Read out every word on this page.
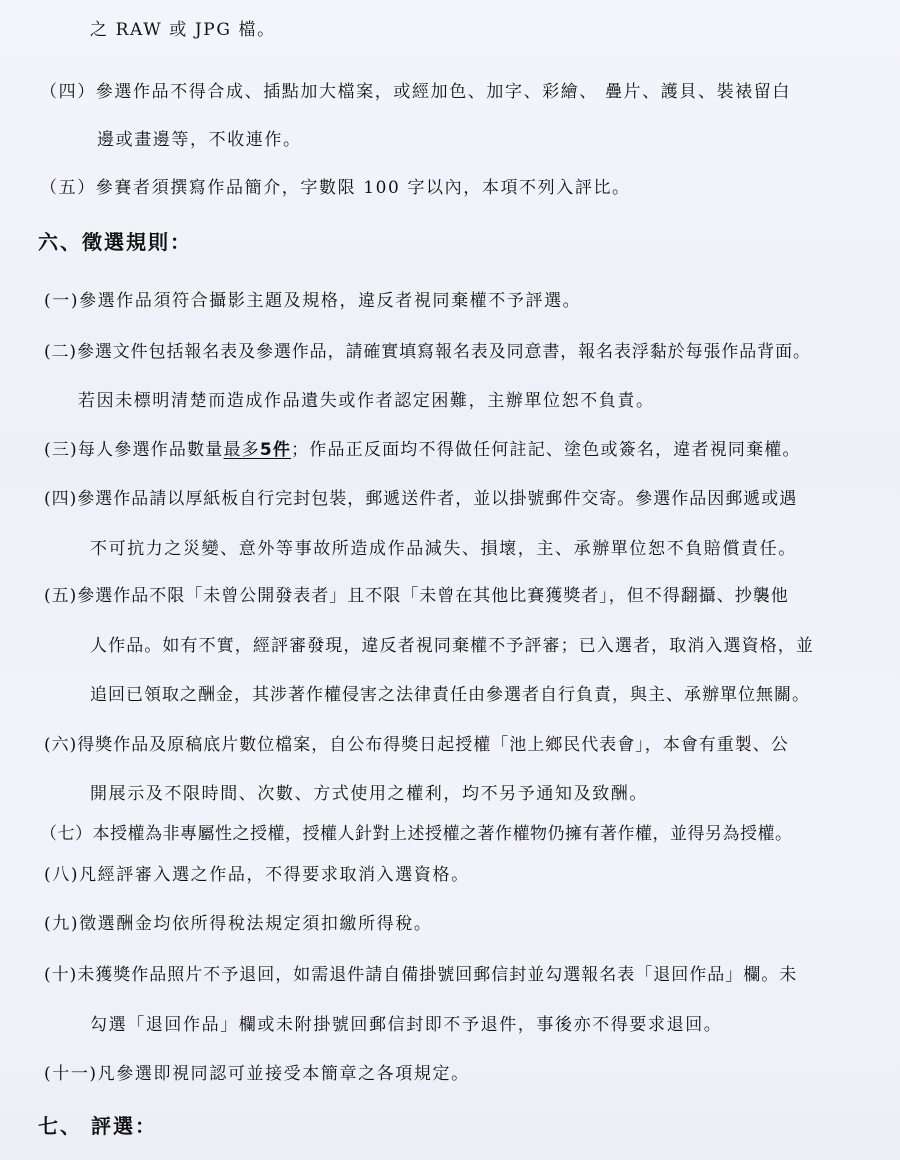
之 RAW 或 JPG 檔。
（四）參選作品不得合成、插點加大檔案，或經加色、加字、彩繪、 疊片、護貝、裝裱留白
邊或畫邊等，不收連作。
（五）參賽者須撰寫作品簡介，字數限 100 字以內，本項不列入評比。
六、徵選規則：
(一)參選作品須符合攝影主題及規格，違反者視同棄權不予評選。
(二)參選文件包括報名表及參選作品，請確實填寫報名表及同意書，報名表浮黏於每張作品背面。
若因未標明清楚而造成作品遺失或作者認定困難，主辦單位恕不負責。
(三)每人參選作品數量最多5件；作品正反面均不得做任何註記、塗色或簽名，違者視同棄權。
(四)參選作品請以厚紙板自行完封包裝，郵遞送件者，並以掛號郵件交寄。參選作品因郵遞或遇
不可抗力之災變、意外等事故所造成作品減失、損壞，主、承辦單位恕不負賠償責任。
(五)參選作品不限「未曾公開發表者」且不限「未曾在其他比賽獲獎者」，但不得翻攝、抄襲他
人作品。如有不實，經評審發現，違反者視同棄權不予評審；已入選者，取消入選資格，並
追回已領取之酬金，其涉著作權侵害之法律責任由參選者自行負責，與主、承辦單位無關。
(六)得獎作品及原稿底片數位檔案，自公布得獎日起授權「池上鄉民代表會」，本會有重製、公
開展示及不限時間、次數、方式使用之權利，均不另予通知及致酬。
（七）本授權為非專屬性之授權，授權人針對上述授權之著作權物仍擁有著作權，並得另為授權。
(八)凡經評審入選之作品，不得要求取消入選資格。
(九)徵選酬金均依所得稅法規定須扣繳所得稅。
(十)未獲獎作品照片不予退回，如需退件請自備掛號回郵信封並勾選報名表「退回作品」欄。未
勾選「退回作品」欄或未附掛號回郵信封即不予退件，事後亦不得要求退回。
(十一)凡參選即視同認可並接受本簡章之各項規定。
七、 評選：
